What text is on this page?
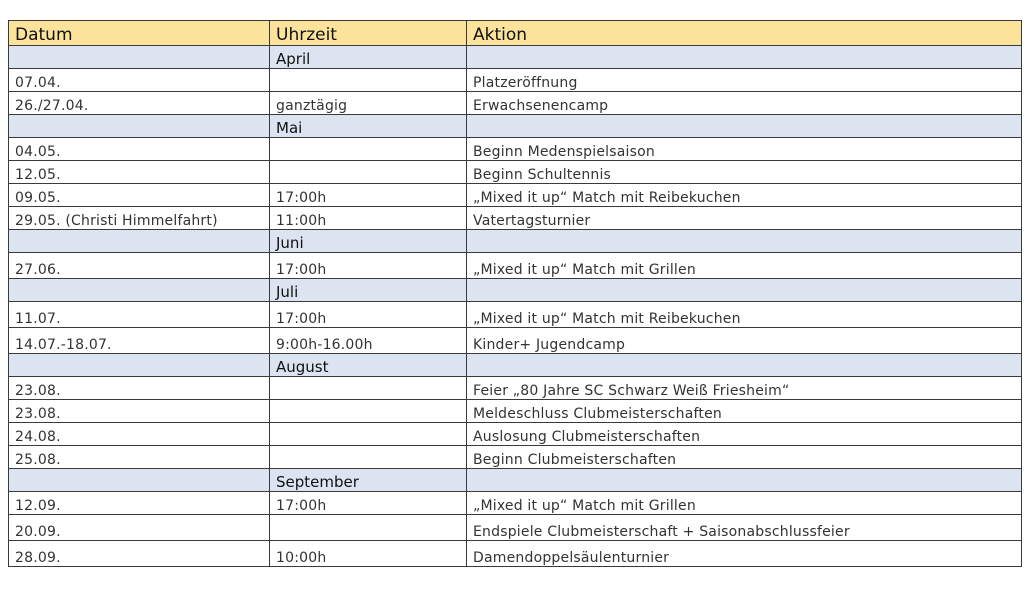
Datum	Uhrzeit	Aktion
	April	
07.04.		Platzeröffnung
26./27.04.	ganztägig	Erwachsenencamp
	Mai	
04.05.		Beginn Medenspielsaison
12.05.		Beginn Schultennis
09.05.	17:00h	„Mixed it up“ Match mit Reibekuchen
29.05. (Christi Himmelfahrt)	11:00h	Vatertagsturnier
	Juni	
27.06.	17:00h	„Mixed it up“ Match mit Grillen
	Juli	
11.07.	17:00h	„Mixed it up“ Match mit Reibekuchen
14.07.-18.07.	9:00h-16.00h	Kinder+ Jugendcamp
	August	
23.08.		Feier „80 Jahre SC Schwarz Weiß Friesheim“
23.08.		Meldeschluss Clubmeisterschaften
24.08.		Auslosung Clubmeisterschaften
25.08.		Beginn Clubmeisterschaften
	September	
12.09.	17:00h	„Mixed it up“ Match mit Grillen
20.09.		Endspiele Clubmeisterschaft + Saisonabschlussfeier
28.09.	10:00h	Damendoppelsäulenturnier
